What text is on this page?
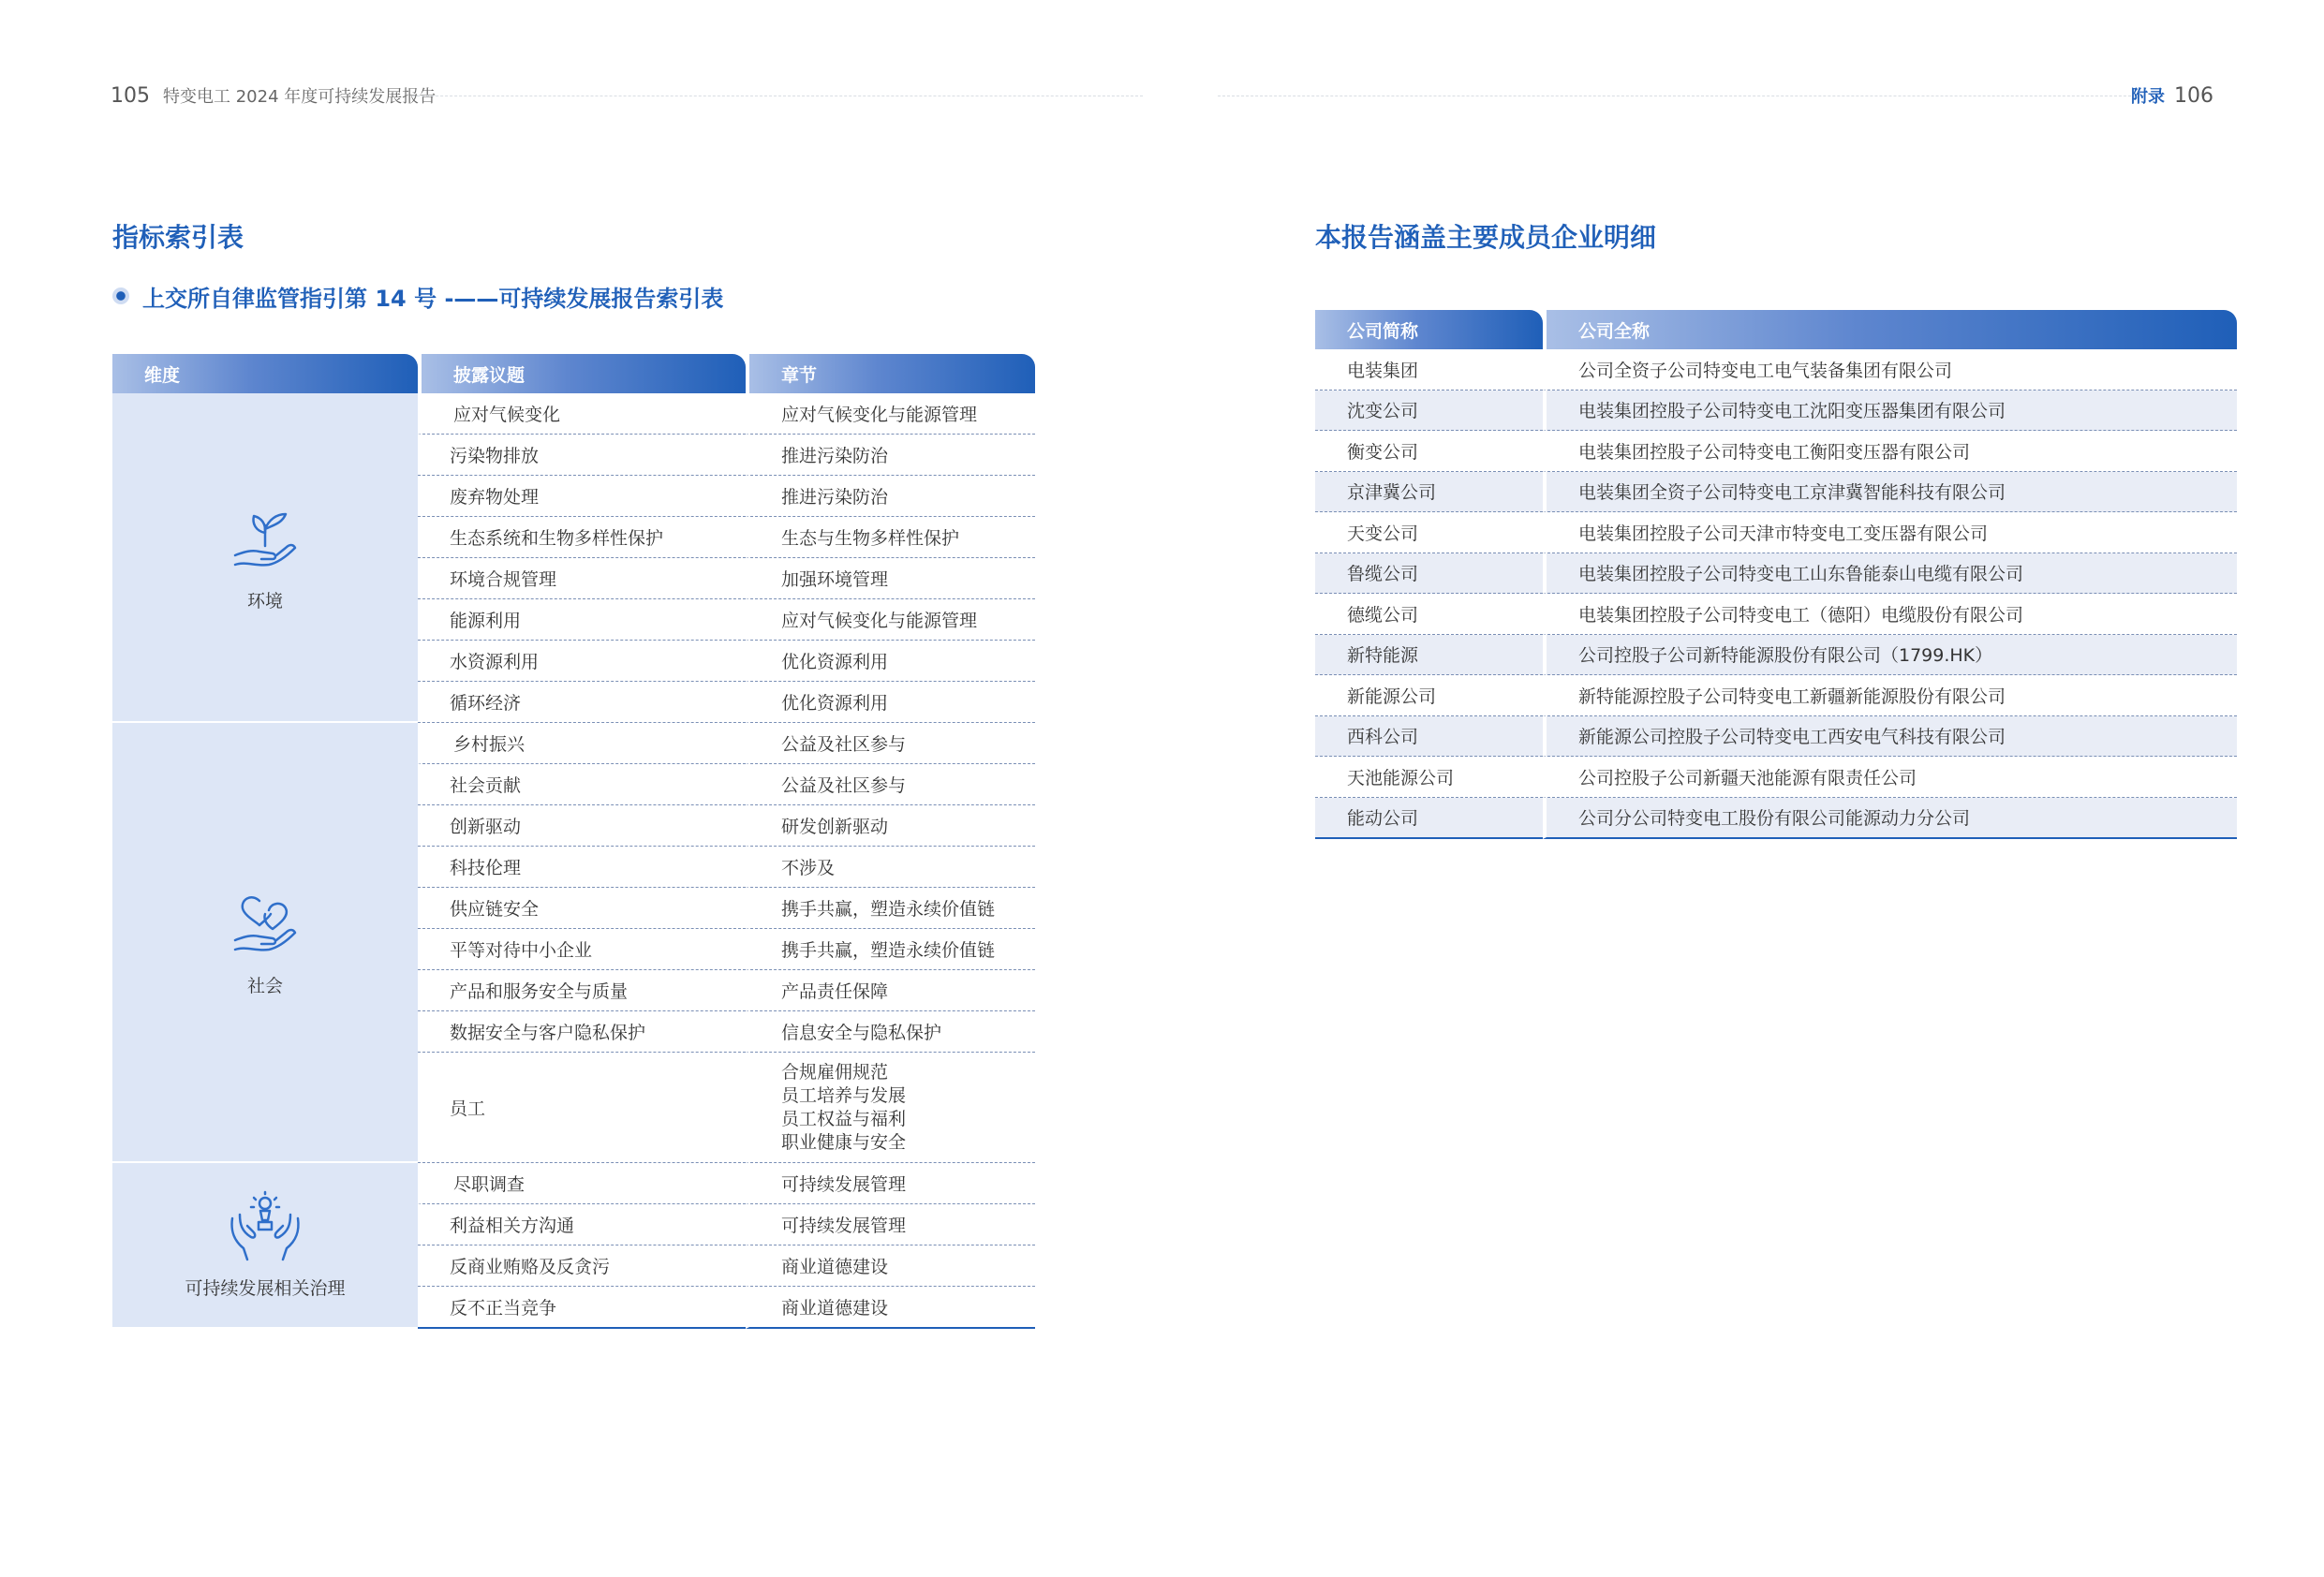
105 特变电工 2024 年度可持续发展报告	附录 106
指标索引表
上交所自律监管指引第 14 号 -——可持续发展报告索引表
维度	披露议题	章节

环境	应对气候变化	应对气候变化与能源管理
	污染物排放	推进污染防治
	废弃物处理	推进污染防治
	生态系统和生物多样性保护	生态与生物多样性保护
	环境合规管理	加强环境管理
	能源利用	应对气候变化与能源管理
	水资源利用	优化资源利用
	循环经济	优化资源利用

社会	乡村振兴	公益及社区参与
	社会贡献	公益及社区参与
	创新驱动	研发创新驱动
	科技伦理	不涉及
	供应链安全	携手共赢，塑造永续价值链
	平等对待中小企业	携手共赢，塑造永续价值链
	产品和服务安全与质量	产品责任保障
	数据安全与客户隐私保护	信息安全与隐私保护
	员工	合规雇佣规范
员工培养与发展
员工权益与福利
职业健康与安全

可持续发展相关治理	尽职调查	可持续发展管理
	利益相关方沟通	可持续发展管理
	反商业贿赂及反贪污	商业道德建设
	反不正当竞争	商业道德建设
本报告涵盖主要成员企业明细
公司简称	公司全称
电装集团	公司全资子公司特变电工电气装备集团有限公司
沈变公司	电装集团控股子公司特变电工沈阳变压器集团有限公司
衡变公司	电装集团控股子公司特变电工衡阳变压器有限公司
京津冀公司	电装集团全资子公司特变电工京津冀智能科技有限公司
天变公司	电装集团控股子公司天津市特变电工变压器有限公司
鲁缆公司	电装集团控股子公司特变电工山东鲁能泰山电缆有限公司
德缆公司	电装集团控股子公司特变电工（德阳）电缆股份有限公司
新特能源	公司控股子公司新特能源股份有限公司（1799.HK）
新能源公司	新特能源控股子公司特变电工新疆新能源股份有限公司
西科公司	新能源公司控股子公司特变电工西安电气科技有限公司
天池能源公司	公司控股子公司新疆天池能源有限责任公司
能动公司	公司分公司特变电工股份有限公司能源动力分公司
